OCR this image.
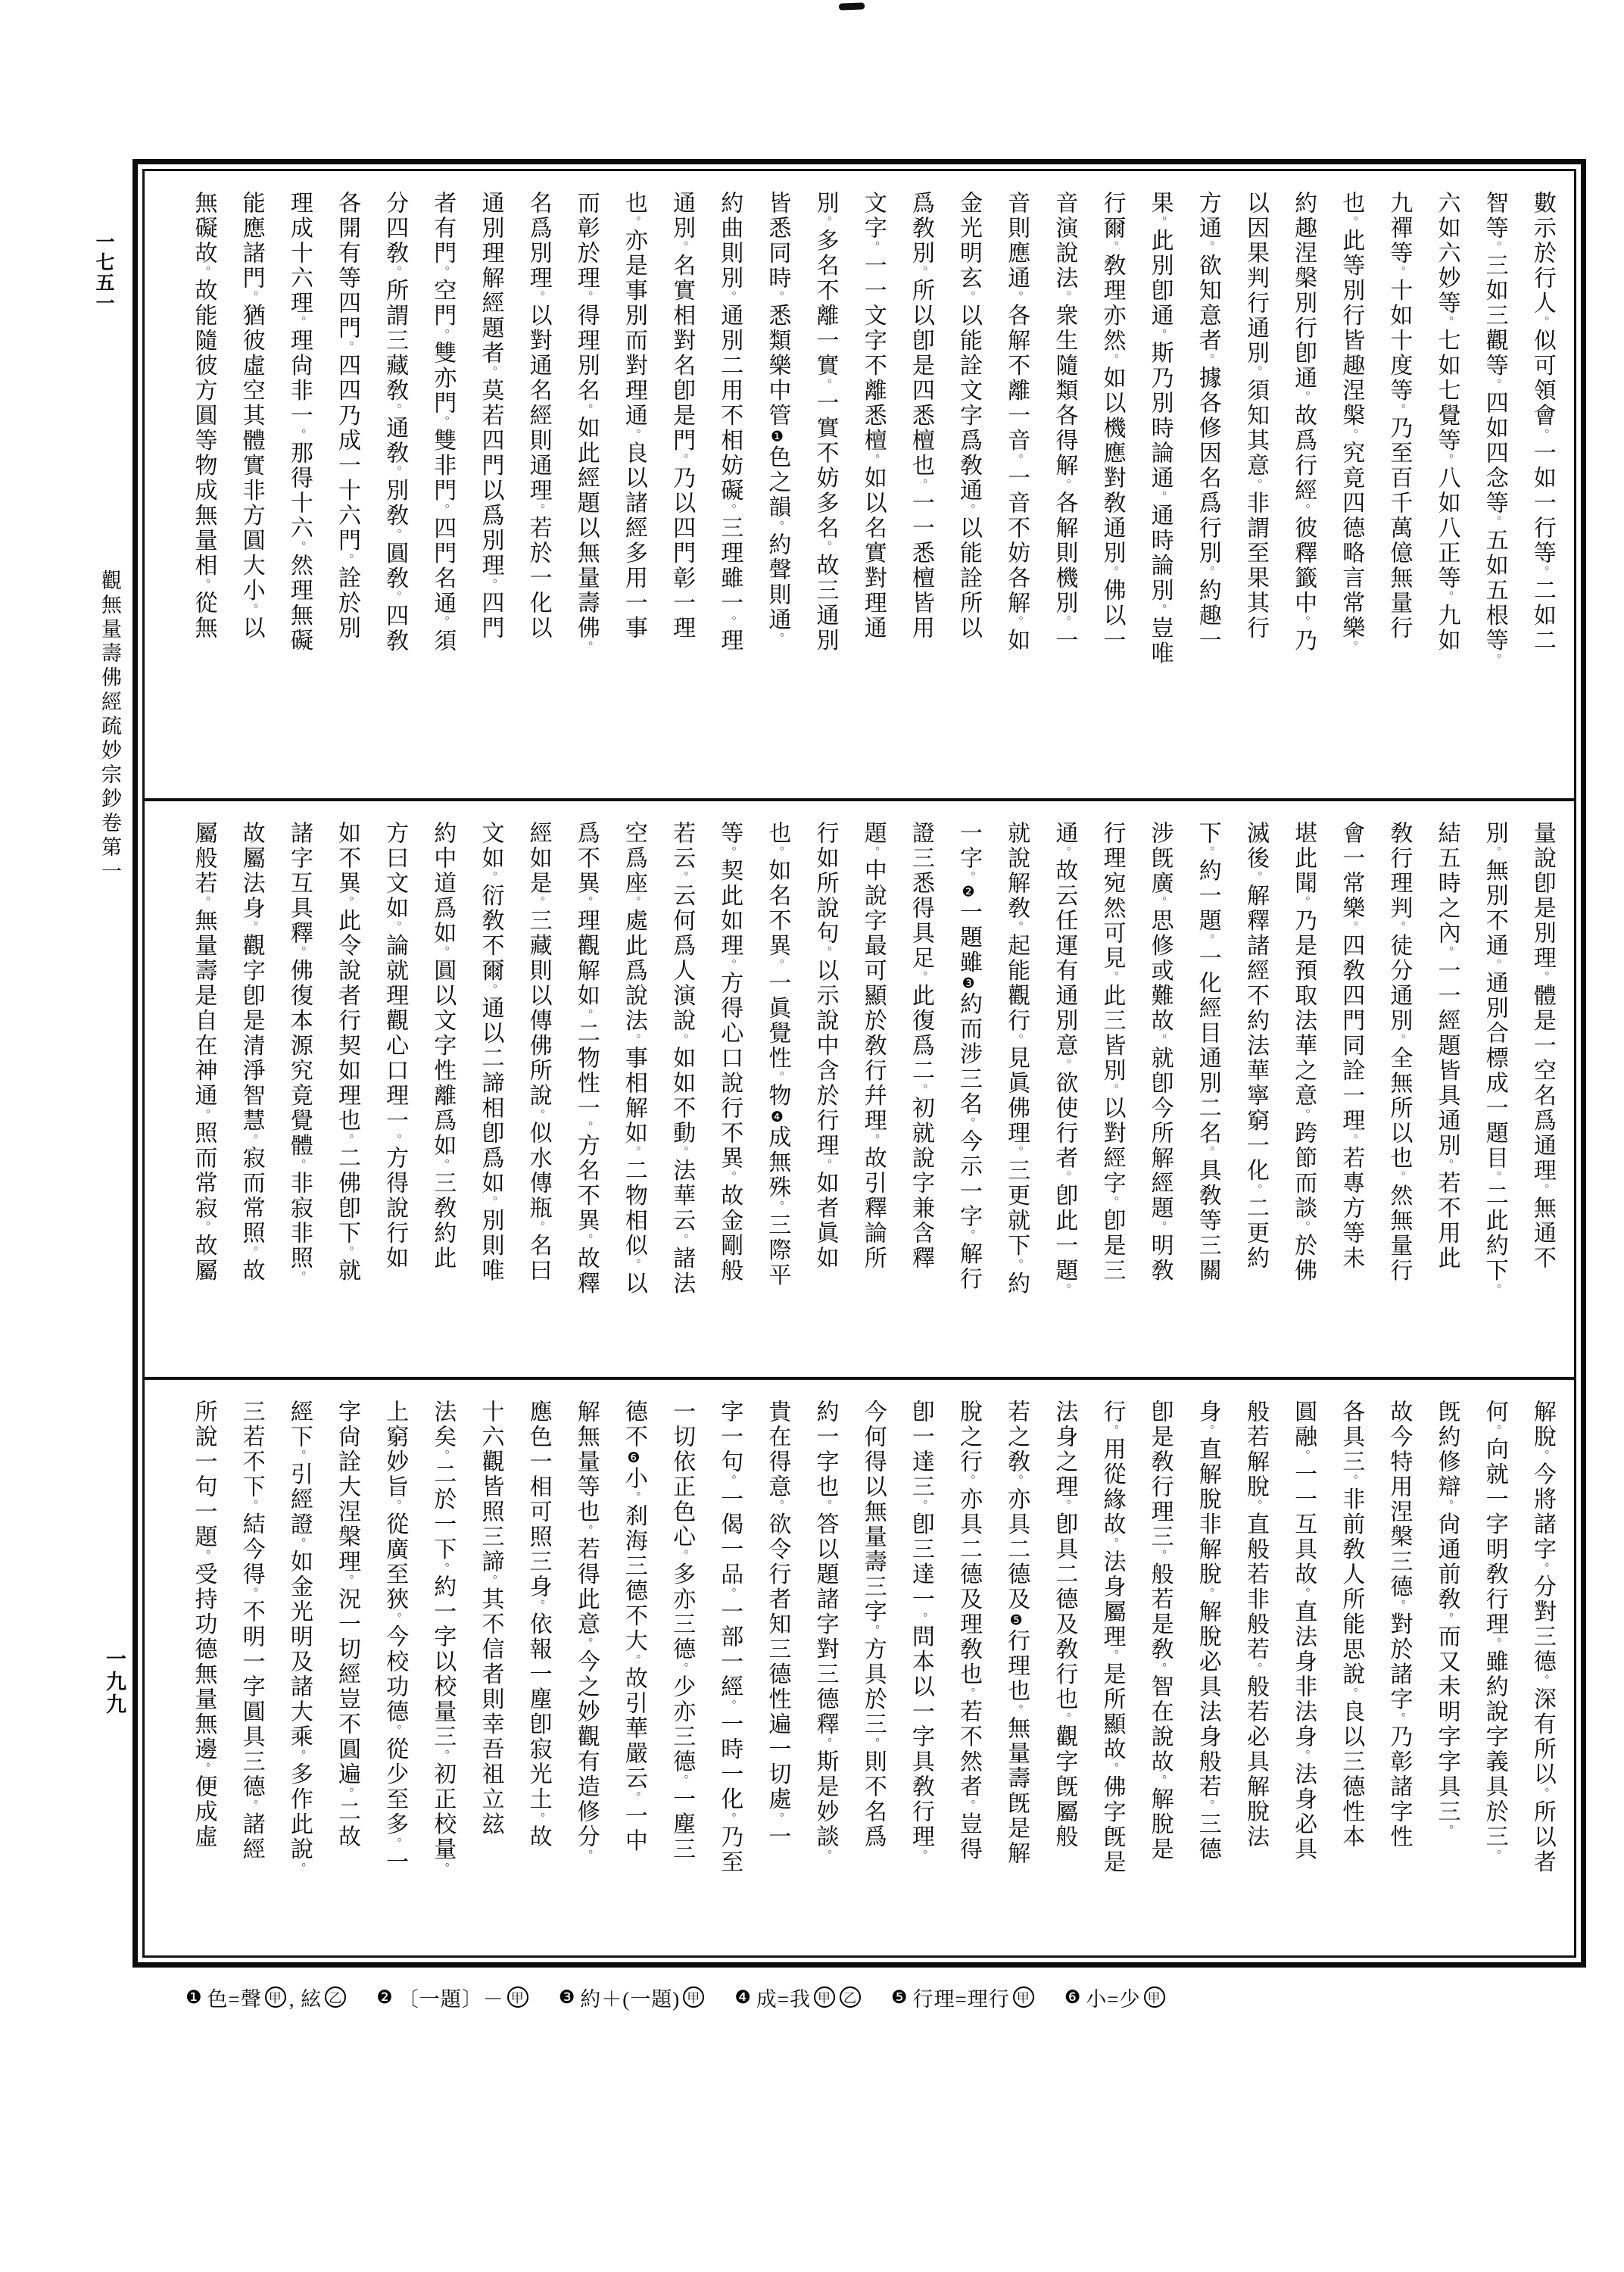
一七五一
觀無量壽佛經疏妙宗鈔卷第一
一九九
數示於行人。似可領會。一如一行等。二如二
智等。三如三觀等。四如四念等。五如五根等。
六如六妙等。七如七覺等。八如八正等。九如
九禪等。十如十度等。乃至百千萬億無量行
也。此等別行皆趣涅槃。究竟四德略言常樂。
約趣涅槃別行卽通。故爲行經。彼釋籤中。乃
以因果判行通別。須知其意。非謂至果其行
方通。欲知意者。據各修因名爲行別。約趣一
果。此別卽通。斯乃別時論通。通時論別。豈唯
行爾。敎理亦然。如以機應對敎通別。佛以一
音演說法。衆生隨類各得解。各解則機別。一
音則應通。各解不離一音。一音不妨各解。如
金光明玄。以能詮文字爲敎通。以能詮所以
爲敎別。所以卽是四悉檀也。一一悉檀皆用
文字。一一文字不離悉檀。如以名實對理通
別。多名不離一實。一實不妨多名。故三通別
皆悉同時。悉類樂中管❶色之韻。約聲則通。
約曲則別。通別二用不相妨礙。三理雖一。理
通別。名實相對名卽是門。乃以四門彰一理
也。亦是事別而對理通。良以諸經多用一事
而彰於理。得理別名。如此經題以無量壽佛。
名爲別理。以對通名經則通理。若於一化以
通別理解經題者。莫若四門以爲別理。四門
者有門。空門。雙亦門。雙非門。四門名通。須
分四敎。所謂三藏敎。通敎。別敎。圓敎。四敎
各開有等四門。四四乃成一十六門。詮於別
理成十六理。理尙非一。那得十六。然理無礙
能應諸門。猶彼虛空其體實非方圓大小。以
無礙故。故能隨彼方圓等物成無量相。從無
量說卽是別理。體是一空名爲通理。無通不
別。無別不通。通別合標成一題目。二此約下。
結五時之內。一一經題皆具通別。若不用此
敎行理判。徒分通別。全無所以也。然無量行
會一常樂。四敎四門同詮一理。若專方等未
堪此聞。乃是預取法華之意。跨節而談。於佛
滅後。解釋諸經不約法華寧窮一化。二更約
下。約一題。一化經目通別二名。具敎等三關
涉旣廣。思修或難故。就卽今所解經題。明敎
行理宛然可見。此三皆別。以對經字。卽是三
通。故云任運有通別意。欲使行者。卽此一題。
就說解敎。起能觀行。見眞佛理。三更就下。約
一字。❷一題雖❸約而涉三名。今示一字。解行
證三悉得具足。此復爲二。初就說字兼含釋
題。中說字最可顯於敎行幷理。故引釋論所
行如所說句。以示說中含於行理。如者眞如
也。如名不異。一眞覺性。物❹成無殊。三際平
等。契此如理。方得心口說行不異。故金剛般
若云。云何爲人演說。如如不動。法華云。諸法
空爲座。處此爲說法。事相解如。二物相似。以
爲不異。理觀解如。二物性一。方名不異。故釋
經如是。三藏則以傳佛所說。似水傳瓶。名曰
文如。衍敎不爾。通以二諦相卽爲如。別則唯
約中道爲如。圓以文字性離爲如。三敎約此
方曰文如。論就理觀心口理一。方得說行如
如不異。此令說者行契如理也。二佛卽下。就
諸字互具釋。佛復本源究竟覺體。非寂非照。
故屬法身。觀字卽是清淨智慧。寂而常照。故
屬般若。無量壽是自在神通。照而常寂。故屬
解脫。今將諸字。分對三德。深有所以。所以者
何。向就一字明敎行理。雖約說字義具於三。
旣約修辯。尙通前敎。而又未明字字具三。
故今特用涅槃三德。對於諸字。乃彰諸字性
各具三。非前敎人所能思說。良以三德性本
圓融。一一互具故。直法身非法身。法身必具
般若解脫。直般若非般若。般若必具解脫法
身。直解脫非解脫。解脫必具法身般若。三德
卽是敎行理三。般若是敎。智在說故。解脫是
行。用從緣故。法身屬理。是所顯故。佛字旣是
法身之理。卽具二德及敎行也。觀字旣屬般
若之敎。亦具二德及❺行理也。無量壽旣是解
脫之行。亦具二德及理敎也。若不然者。豈得
卽一達三。卽三達一。問本以一字具敎行理。
今何得以無量壽三字。方具於三。則不名爲
約一字也。答以題諸字對三德釋。斯是妙談。
貴在得意。欲令行者知三德性遍一切處。一
字一句。一偈一品。一部一經。一時一化。乃至
一切依正色心。多亦三德。少亦三德。一塵三
德不❻小。刹海三德不大。故引華嚴云。一中
解無量等也。若得此意。今之妙觀有造修分。
應色一相可照三身。依報一塵卽寂光土。故
十六觀皆照三諦。其不信者則幸吾祖立玆
法矣。二於一下。約一字以校量三。初正校量。
上窮妙旨。從廣至狹。今校功德。從少至多。一
字尙詮大涅槃理。況一切經豈不圓遍。二故
經下。引經證。如金光明及諸大乘。多作此說。
三若不下。結今得。不明一字圓具三德。諸經
所說一句一題。受持功德無量無邊。便成虛
❶ 色=聲 甲 , 絃 乙 ❷ 〔一題〕－ 甲 ❸ 約＋(一題) 甲 ❹ 成=我 甲 乙 ❺ 行理=理行 甲 ❻ 小=少 甲
